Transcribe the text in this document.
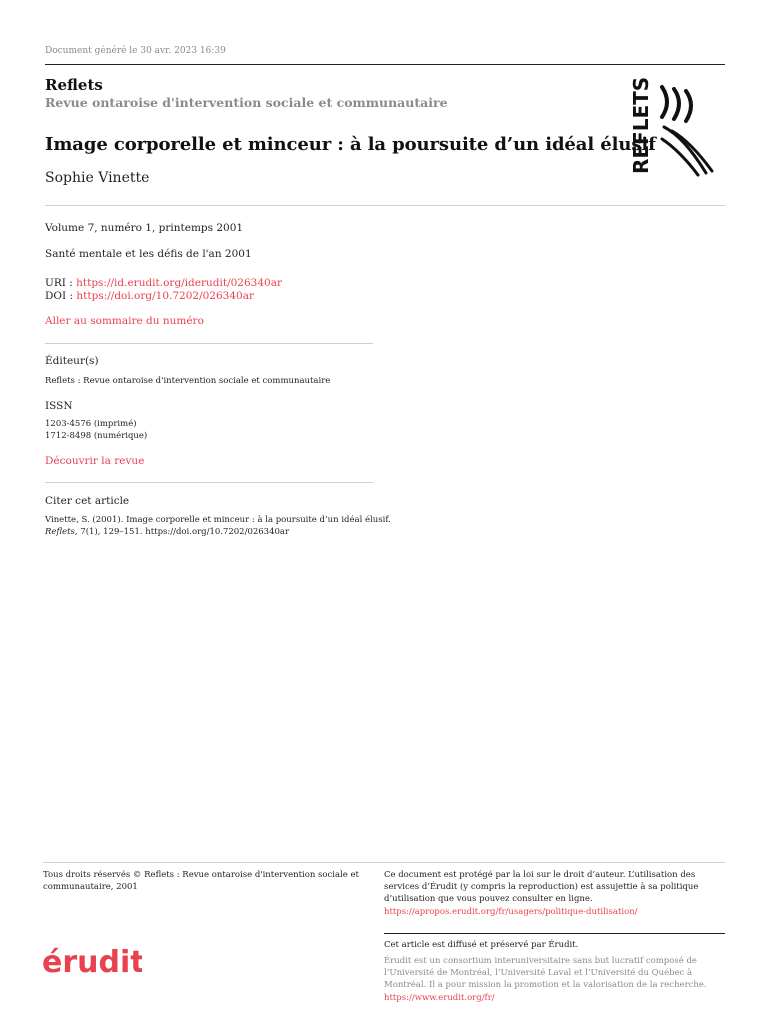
Document généré le 30 avr. 2023 16:39
Reflets
Revue ontaroise d'intervention sociale et communautaire
Image corporelle et minceur : à la poursuite d’un idéal élusif
Sophie Vinette
REFLETS
Volume 7, numéro 1, printemps 2001
Santé mentale et les défis de l'an 2001
URI : https://id.erudit.org/iderudit/026340ar
DOI : https://doi.org/10.7202/026340ar
Aller au sommaire du numéro
Éditeur(s)
Reflets : Revue ontaroise d'intervention sociale et communautaire
ISSN
1203-4576 (imprimé)
1712-8498 (numérique)
Découvrir la revue
Citer cet article
Vinette, S. (2001). Image corporelle et minceur : à la poursuite d’un idéal élusif.
Reflets, 7(1), 129–151. https://doi.org/10.7202/026340ar
Tous droits réservés © Reflets : Revue ontaroise d'intervention sociale et communautaire, 2001
Ce document est protégé par la loi sur le droit d’auteur. L’utilisation des services d’Érudit (y compris la reproduction) est assujettie à sa politique d’utilisation que vous pouvez consulter en ligne.
https://apropos.erudit.org/fr/usagers/politique-dutilisation/
érudit	Cet article est diffusé et préservé par Érudit.
Érudit est un consortium interuniversitaire sans but lucratif composé de l’Université de Montréal, l’Université Laval et l’Université du Québec à Montréal. Il a pour mission la promotion et la valorisation de la recherche.
https://www.erudit.org/fr/
